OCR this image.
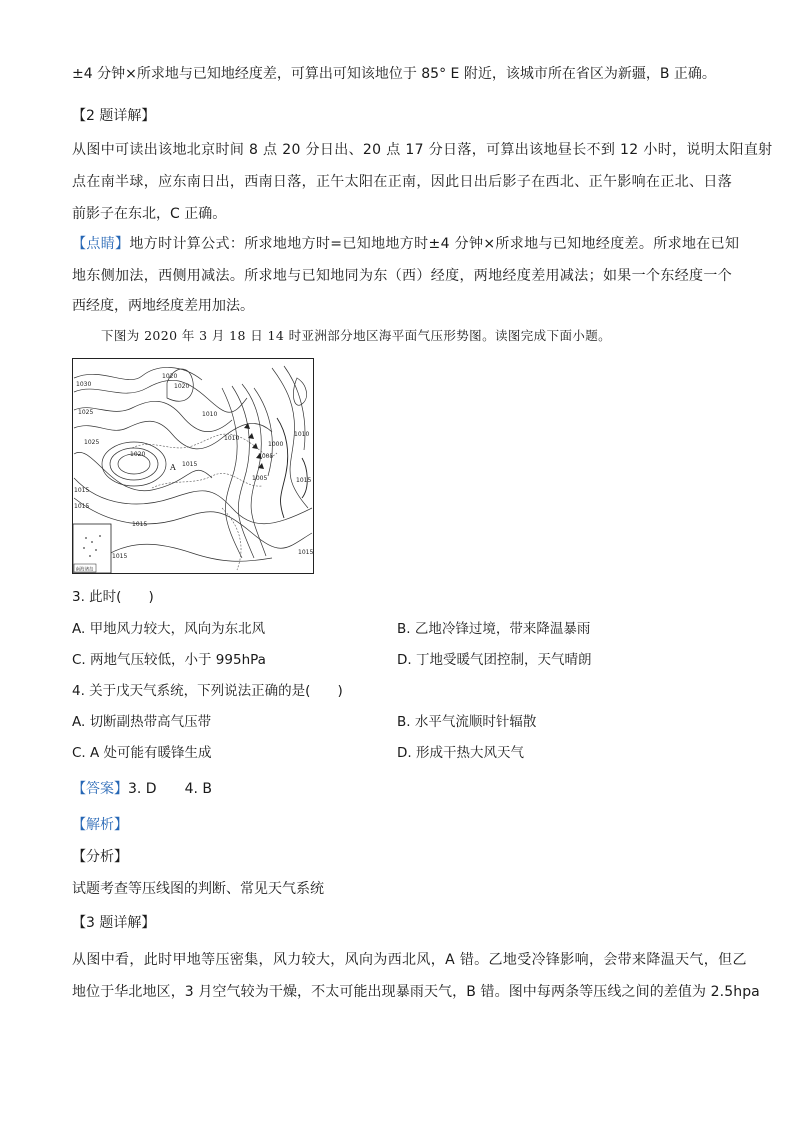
±4 分钟×所求地与已知地经度差，可算出可知该地位于 85° E 附近，该城市所在省区为新疆，B 正确。
【2 题详解】
从图中可读出该地北京时间 8 点 20 分日出、20 点 17 分日落，可算出该地昼长不到 12 小时，说明太阳直射
点在南半球，应东南日出，西南日落，正午太阳在正南，因此日出后影子在西北、正午影响在正北、日落
前影子在东北，C 正确。
【点睛】地方时计算公式：所求地地方时=已知地地方时±4 分钟×所求地与已知地经度差。所求地在已知
地东侧加法，西侧用减法。所求地与已知地同为东（西）经度，两地经度差用减法；如果一个东经度一个
西经度，两地经度差用加法。
下图为 2020 年 3 月 18 日 14 时亚洲部分地区海平面气压形势图。读图完成下面小题。
1030
1025
1025
1020
1020
1015
1015
1015
1010
1005
1000
1005
1010
1015
1015
1015
1020
1010
1015
A
南海诸岛
3. 此时(　　)
A. 甲地风力较大，风向为东北风	B. 乙地冷锋过境，带来降温暴雨
C. 两地气压较低，小于 995hPa	D. 丁地受暖气团控制，天气晴朗
4. 关于戊天气系统，下列说法正确的是(　　)
A. 切断副热带高气压带	B. 水平气流顺时针辐散
C. A 处可能有暖锋生成	D. 形成干热大风天气
【答案】3. D　　4. B
【解析】
【分析】
试题考查等压线图的判断、常见天气系统
【3 题详解】
从图中看，此时甲地等压密集，风力较大，风向为西北风，A 错。乙地受冷锋影响，会带来降温天气，但乙
地位于华北地区，3 月空气较为干燥，不太可能出现暴雨天气，B 错。图中每两条等压线之间的差值为 2.5hpa
